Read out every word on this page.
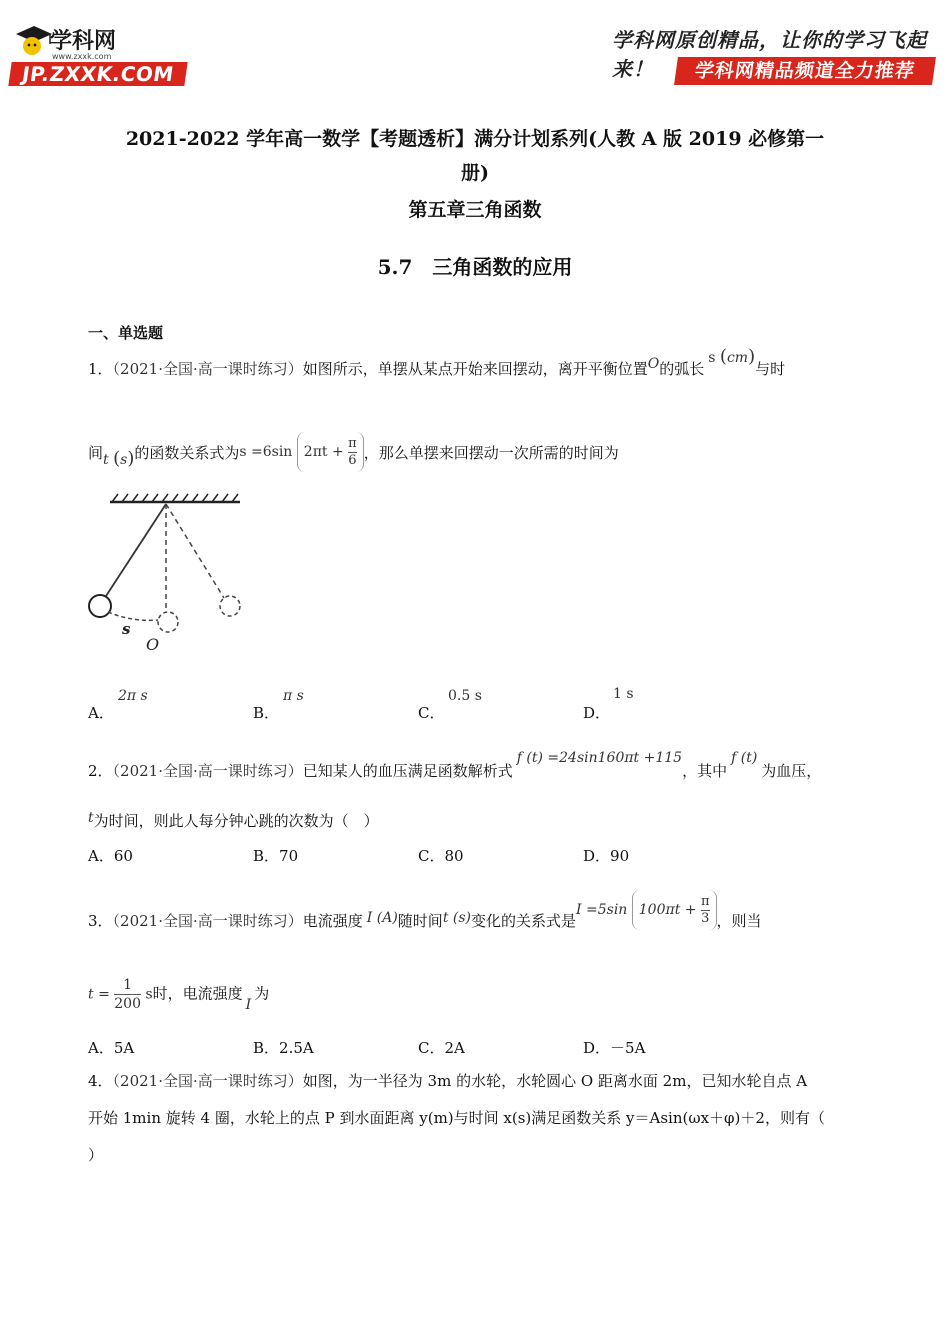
学科网
www.zxxk.com
JP.ZXXK.COM
学科网原创精品，让你的学习飞起来！	学科网精品频道全力推荐
2021-2022 学年高一数学【考题透析】满分计划系列(人教 A 版 2019 必修第一
册)
第五章三角函数
5.7　三角函数的应用
一、单选题
1．（2021·全国·高一课时练习）如图所示，单摆从某点开始来回摆动，离开平衡位置O的弧长s (cm)与时
间t (s)的函数关系式为s =6sin $2\pi t + \frac{\pi}{6}$ ，那么单摆来回摆动一次所需的时间为
s
O
A．
2π s
B．
π s
C．
0.5 s
D．
1 s
2．（2021·全国·高一课时练习）已知某人的血压满足函数解析式f (t) =24sin160πt +115，其中f (t)为血压，
t为时间，则此人每分钟心跳的次数为（　）
A．60	B．70	C．80	D．90
3．（2021·全国·高一课时练习）电流强度 I (A)随时间t (s)变化的关系式是I =5sin $100\pi t + \frac{\pi}{3}$ ，则当
$t = \frac{1}{200}$ s时，电流强度I为
A．5A	B．2.5A	C．2A	D．－5A
4．（2021·全国·高一课时练习）如图，为一半径为 3m 的水轮，水轮圆心 O 距离水面 2m，已知水轮自点 A
开始 1min 旋转 4 圈，水轮上的点 P 到水面距离 y(m)与时间 x(s)满足函数关系 y＝Asin(ωx＋φ)＋2，则有（
）
